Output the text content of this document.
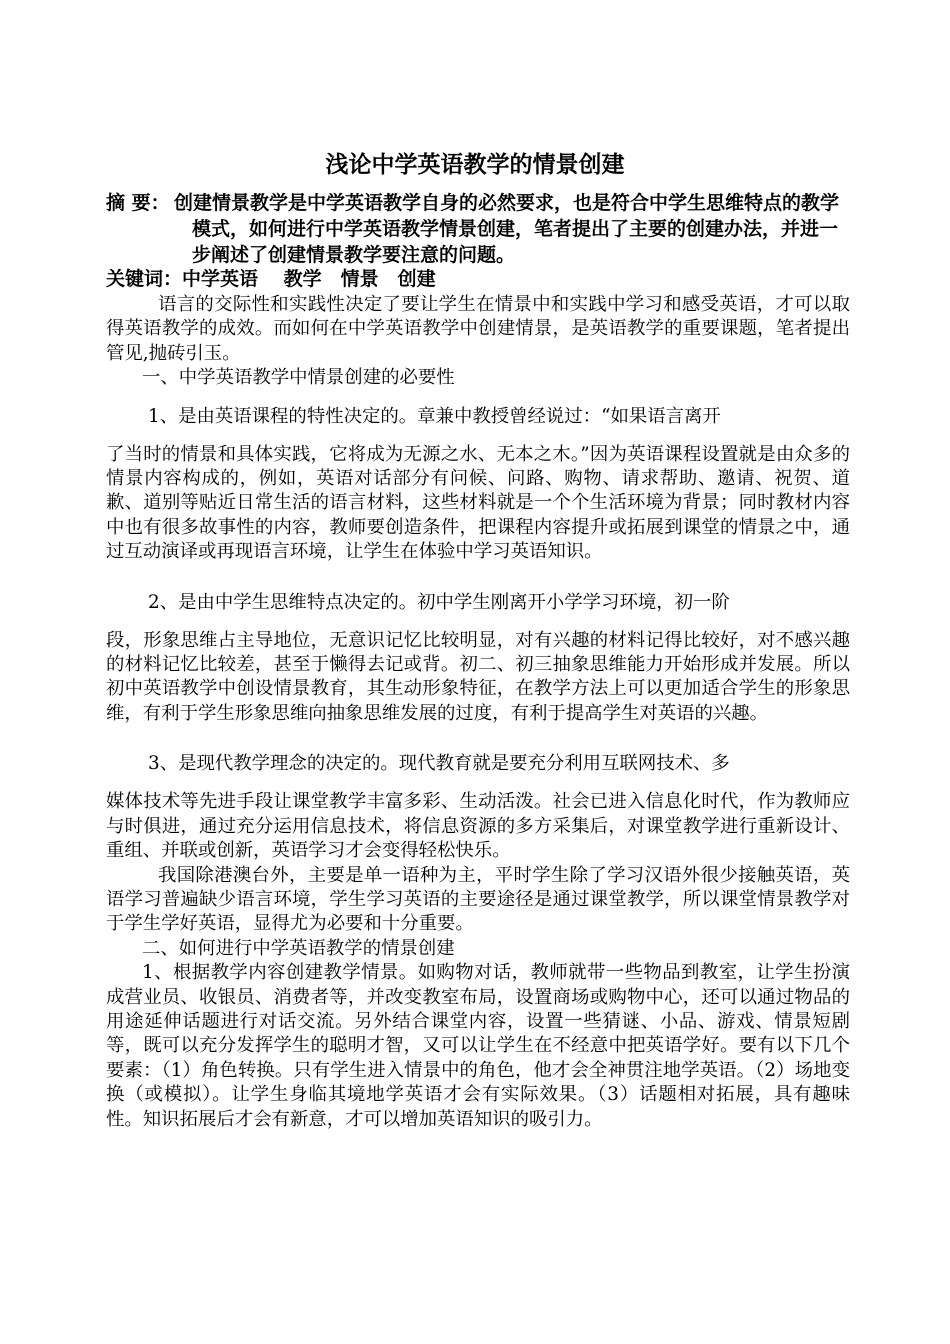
浅论中学英语教学的情景创建
摘 要： 创建情景教学是中学英语教学自身的必然要求，也是符合中学生思维特点的教学模式，如何进行中学英语教学情景创建，笔者提出了主要的创建办法，并进一步阐述了创建情景教学要注意的问题。
关键词：中学英语　 教学　情景　创建

语言的交际性和实践性决定了要让学生在情景中和实践中学习和感受英语，才可以取得英语教学的成效。而如何在中学英语教学中创建情景，是英语教学的重要课题，笔者提出管见,抛砖引玉。

一、中学英语教学中情景创建的必要性

1、是由英语课程的特性决定的。章兼中教授曾经说过：“如果语言离开

了当时的情景和具体实践，它将成为无源之水、无本之木。”因为英语课程设置就是由众多的情景内容构成的，例如，英语对话部分有问候、问路、购物、请求帮助、邀请、祝贺、道歉、道别等贴近日常生活的语言材料，这些材料就是一个个生活环境为背景；同时教材内容中也有很多故事性的内容，教师要创造条件，把课程内容提升或拓展到课堂的情景之中，通过互动演译或再现语言环境，让学生在体验中学习英语知识。

2、是由中学生思维特点决定的。初中学生刚离开小学学习环境，初一阶

段，形象思维占主导地位，无意识记忆比较明显，对有兴趣的材料记得比较好，对不感兴趣的材料记忆比较差，甚至于懒得去记或背。初二、初三抽象思维能力开始形成并发展。所以初中英语教学中创设情景教育，其生动形象特征，在教学方法上可以更加适合学生的形象思维，有利于学生形象思维向抽象思维发展的过度，有利于提高学生对英语的兴趣。

3、是现代教学理念的决定的。现代教育就是要充分利用互联网技术、多

媒体技术等先进手段让课堂教学丰富多彩、生动活泼。社会已进入信息化时代，作为教师应与时俱进，通过充分运用信息技术，将信息资源的多方采集后，对课堂教学进行重新设计、重组、并联或创新，英语学习才会变得轻松快乐。

我国除港澳台外，主要是单一语种为主，平时学生除了学习汉语外很少接触英语，英语学习普遍缺少语言环境，学生学习英语的主要途径是通过课堂教学，所以课堂情景教学对于学生学好英语，显得尤为必要和十分重要。

二、如何进行中学英语教学的情景创建

1、根据教学内容创建教学情景。如购物对话，教师就带一些物品到教室，让学生扮演成营业员、收银员、消费者等，并改变教室布局，设置商场或购物中心，还可以通过物品的用途延伸话题进行对话交流。另外结合课堂内容，设置一些猜谜、小品、游戏、情景短剧等，既可以充分发挥学生的聪明才智，又可以让学生在不经意中把英语学好。要有以下几个要素：（1）角色转换。只有学生进入情景中的角色，他才会全神贯注地学英语。（2）场地变换（或模拟）。让学生身临其境地学英语才会有实际效果。（3）话题相对拓展，具有趣味性。知识拓展后才会有新意，才可以增加英语知识的吸引力。
